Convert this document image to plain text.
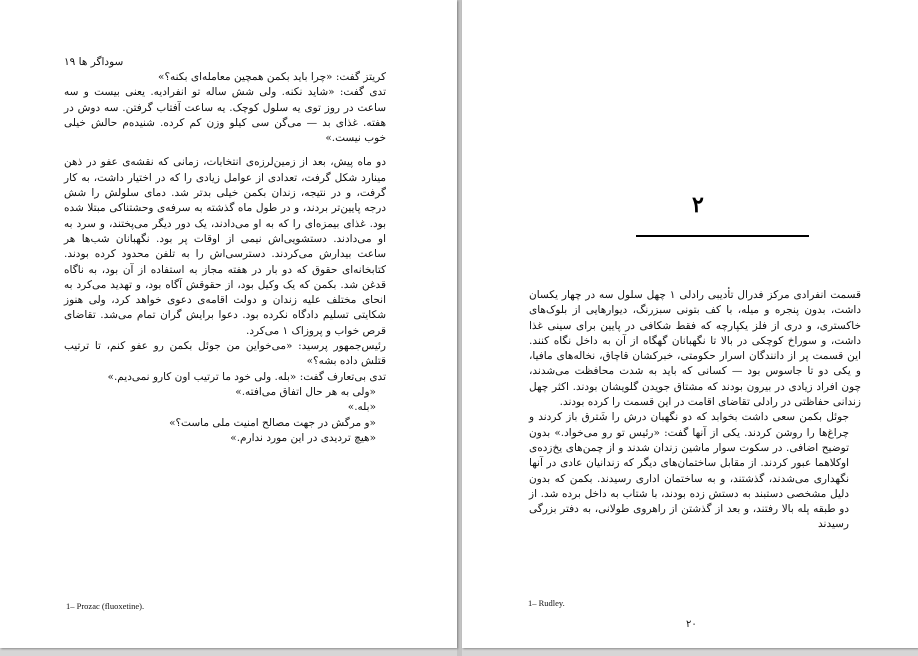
سوداگر ها ۱۹

کریتز گفت: «چرا باید بکمن همچین معامله‌ای بکنه؟»

تدی گفت: «شاید نکنه. ولی شش ساله تو انفرادیه. یعنی بیست و سه ساعت در روز توی یه سلول کوچک. یه ساعت آفتاب گرفتن. سه دوش در هفته. غذای بد — می‌گن سی کیلو وزن کم کرده. شنیده‌م حالش خیلی خوب نیست.»

دو ماه پیش، بعد از زمین‌لرزه‌ی انتخابات، زمانی که نقشه‌ی عفو در ذهن مینارد شکل گرفت، تعدادی از عوامل زیادی را که در اختیار داشت، به کار گرفت، و در نتیجه، زندان بکمن خیلی بدتر شد. دمای سلولش را شش درجه پایین‌تر بردند، و در طول ماه گذشته به سرفه‌ی وحشتناکی مبتلا شده بود. غذای بیمزه‌ای را که به او می‌دادند، یک دور دیگر می‌پختند، و سرد به او می‌دادند. دستشویی‌اش نیمی از اوقات پر بود. نگهبانان شب‌ها هر ساعت بیدارش می‌کردند. دسترسی‌اش را به تلفن محدود کرده بودند. کتابخانه‌ای حقوق که دو بار در هفته مجاز به استفاده از آن بود، به ناگاه قدغن شد. بکمن که یک وکیل بود، از حقوقش آگاه بود، و تهدید می‌کرد به انحای مختلف علیه زندان و دولت اقامه‌ی دعوی خواهد کرد، ولی هنوز شکایتی تسلیم دادگاه نکرده بود. دعوا برایش گران تمام می‌شد. تقاضای قرص خواب و پروزاک ۱ می‌کرد.

رئیس‌جمهور پرسید: «می‌خواین من جوئل بکمن رو عفو کنم، تا ترتیب قتلش داده بشه؟»

تدی بی‌تعارف گفت: «بله. ولی خود ما ترتیب اون کارو نمی‌دیم.»

«ولی به هر حال اتفاق می‌افته.»

«بله.»

«و مرگش در جهت مصالح امنیت ملی ماست؟»

«هیچ تردیدی در این مورد ندارم.»

1– Prozac (fluoxetine).
۲

قسمت انفرادی مرکز فدرال تأدیبی رادلی ۱ چهل سلول سه در چهار یکسان داشت، بدون پنجره و میله، با کف بتونی سبزرنگ، دیوارهایی از بلوک‌های خاکستری، و دری از فلز یکپارچه که فقط شکافی در پایین برای سینی غذا داشت، و سوراخ کوچکی در بالا تا نگهبانان گهگاه از آن به داخل نگاه کنند. این قسمت پر از دانندگان اسرار حکومتی، خبرکشان قاچاق، نخاله‌های مافیا، و یکی دو تا جاسوس بود — کسانی که باید به شدت محافظت می‌شدند، چون افراد زیادی در بیرون بودند که مشتاق جویدن گلویشان بودند. اکثر چهل زندانی حفاظتی در رادلی تقاضای اقامت در این قسمت را کرده بودند.

جوئل بکمن سعی داشت بخوابد که دو نگهبان درش را شَترق باز کردند و چراغ‌ها را روشن کردند. یکی از آنها گفت: «رئیس تو رو می‌خواد.» بدون توضیح اضافی. در سکوت سوار ماشین زندان شدند و از چمن‌های یخ‌زده‌ی اوکلاهما عبور کردند. از مقابل ساختمان‌های دیگر که زندانیان عادی در آنها نگهداری می‌شدند، گذشتند، و به ساختمان اداری رسیدند. بکمن که بدون دلیل مشخصی دستبند به دستش زده بودند، با شتاب به داخل برده شد. از دو طبقه پله بالا رفتند، و بعد از گذشتن از راهروی طولانی، به دفتر بزرگی رسیدند

1– Rudley.
۲۰
